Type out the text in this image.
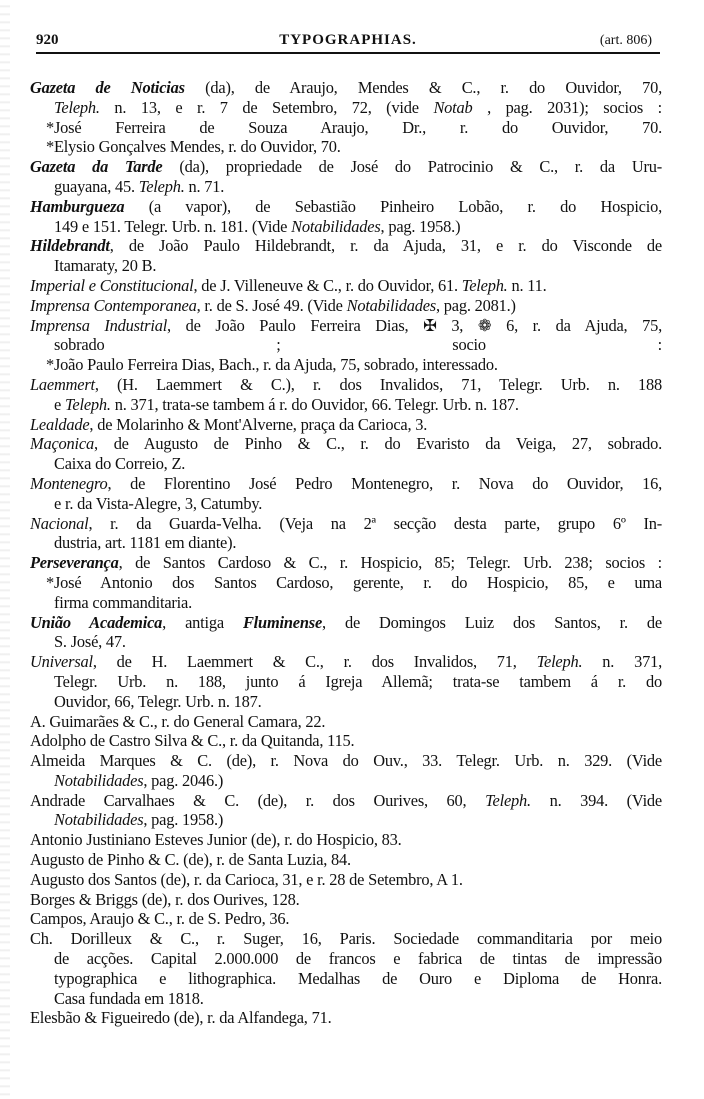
920	TYPOGRAPHIAS.	(art. 806)
Gazeta de Noticias (da), de Araujo, Mendes & C., r. do Ouvidor, 70,
Teleph. n. 13, e r. 7 de Setembro, 72, (vide Notab , pag. 2031); socios :
*José Ferreira de Souza Araujo, Dr., r. do Ouvidor, 70.
*Elysio Gonçalves Mendes, r. do Ouvidor, 70.
Gazeta da Tarde (da), propriedade de José do Patrocinio & C., r. da Uru-
guayana, 45. Teleph. n. 71.
Hamburgueza (a vapor), de Sebastião Pinheiro Lobão, r. do Hospicio,
149 e 151. Telegr. Urb. n. 181. (Vide Notabilidades, pag. 1958.)
Hildebrandt, de João Paulo Hildebrandt, r. da Ajuda, 31, e r. do Visconde de
Itamaraty, 20 B.
Imperial e Constitucional, de J. Villeneuve & C., r. do Ouvidor, 61. Teleph. n. 11.
Imprensa Contemporanea, r. de S. José 49. (Vide Notabilidades, pag. 2081.)
Imprensa Industrial, de João Paulo Ferreira Dias, ✠ 3, ❁ 6, r. da Ajuda, 75,
sobrado ; socio :
*João Paulo Ferreira Dias, Bach., r. da Ajuda, 75, sobrado, interessado.
Laemmert, (H. Laemmert & C.), r. dos Invalidos, 71, Telegr. Urb. n. 188
e Teleph. n. 371, trata-se tambem á r. do Ouvidor, 66. Telegr. Urb. n. 187.
Lealdade, de Molarinho & Mont'Alverne, praça da Carioca, 3.
Maçonica, de Augusto de Pinho & C., r. do Evaristo da Veiga, 27, sobrado.
Caixa do Correio, Z.
Montenegro, de Florentino José Pedro Montenegro, r. Nova do Ouvidor, 16,
e r. da Vista-Alegre, 3, Catumby.
Nacional, r. da Guarda-Velha. (Veja na 2ª secção desta parte, grupo 6º In-
dustria, art. 1181 em diante).
Perseverança, de Santos Cardoso & C., r. Hospicio, 85; Telegr. Urb. 238; socios :
*José Antonio dos Santos Cardoso, gerente, r. do Hospicio, 85, e uma
firma commanditaria.
União Academica, antiga Fluminense, de Domingos Luiz dos Santos, r. de
S. José, 47.
Universal, de H. Laemmert & C., r. dos Invalidos, 71, Teleph. n. 371,
Telegr. Urb. n. 188, junto á Igreja Allemã; trata-se tambem á r. do
Ouvidor, 66, Telegr. Urb. n. 187.
A. Guimarães & C., r. do General Camara, 22.
Adolpho de Castro Silva & C., r. da Quitanda, 115.
Almeida Marques & C. (de), r. Nova do Ouv., 33. Telegr. Urb. n. 329. (Vide
Notabilidades, pag. 2046.)
Andrade Carvalhaes & C. (de), r. dos Ourives, 60, Teleph. n. 394. (Vide
Notabilidades, pag. 1958.)
Antonio Justiniano Esteves Junior (de), r. do Hospicio, 83.
Augusto de Pinho & C. (de), r. de Santa Luzia, 84.
Augusto dos Santos (de), r. da Carioca, 31, e r. 28 de Setembro, A 1.
Borges & Briggs (de), r. dos Ourives, 128.
Campos, Araujo & C., r. de S. Pedro, 36.
Ch. Dorilleux & C., r. Suger, 16, Paris. Sociedade commanditaria por meio
de acções. Capital 2.000.000 de francos e fabrica de tintas de impressão
typographica e lithographica. Medalhas de Ouro e Diploma de Honra.
Casa fundada em 1818.
Elesbão & Figueiredo (de), r. da Alfandega, 71.
